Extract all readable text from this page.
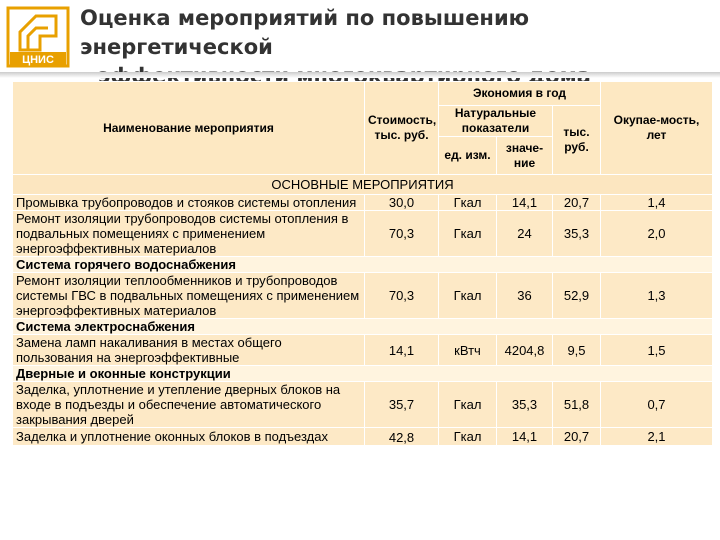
ЦНИС
Оценка мероприятий по повышению энергетической
Наименование мероприятия	Стоимость, тыс. руб.	Экономия в год			Окупае-мость, лет
		Натуральные показатели		тыс. руб.	
		ед. изм.	значе-ние		
ОСНОВНЫЕ МЕРОПРИЯТИЯ					
Промывка трубопроводов и стояков системы отопления	30,0	Гкал	14,1	20,7	1,4
Ремонт изоляции трубопроводов системы отопления в подвальных помещениях с применением энергоэффективных материалов	70,3	Гкал	24	35,3	2,0
Система горячего водоснабжения					
Ремонт изоляции теплообменников и трубопроводов системы ГВС в подвальных помещениях с применением энергоэффективных материалов	70,3	Гкал	36	52,9	1,3
Система электроснабжения					
Замена ламп накаливания в местах общего пользования на энергоэффективные	14,1	кВтч	4204,8	9,5	1,5
Дверные и оконные конструкции					
Заделка, уплотнение и утепление дверных блоков на входе в подъезды и обеспечение автоматического закрывания дверей	35,7	Гкал	35,3	51,8	0,7
Заделка и уплотнение оконных блоков в подъездах	42,8	Гкал	14,1	20,7	2,1
